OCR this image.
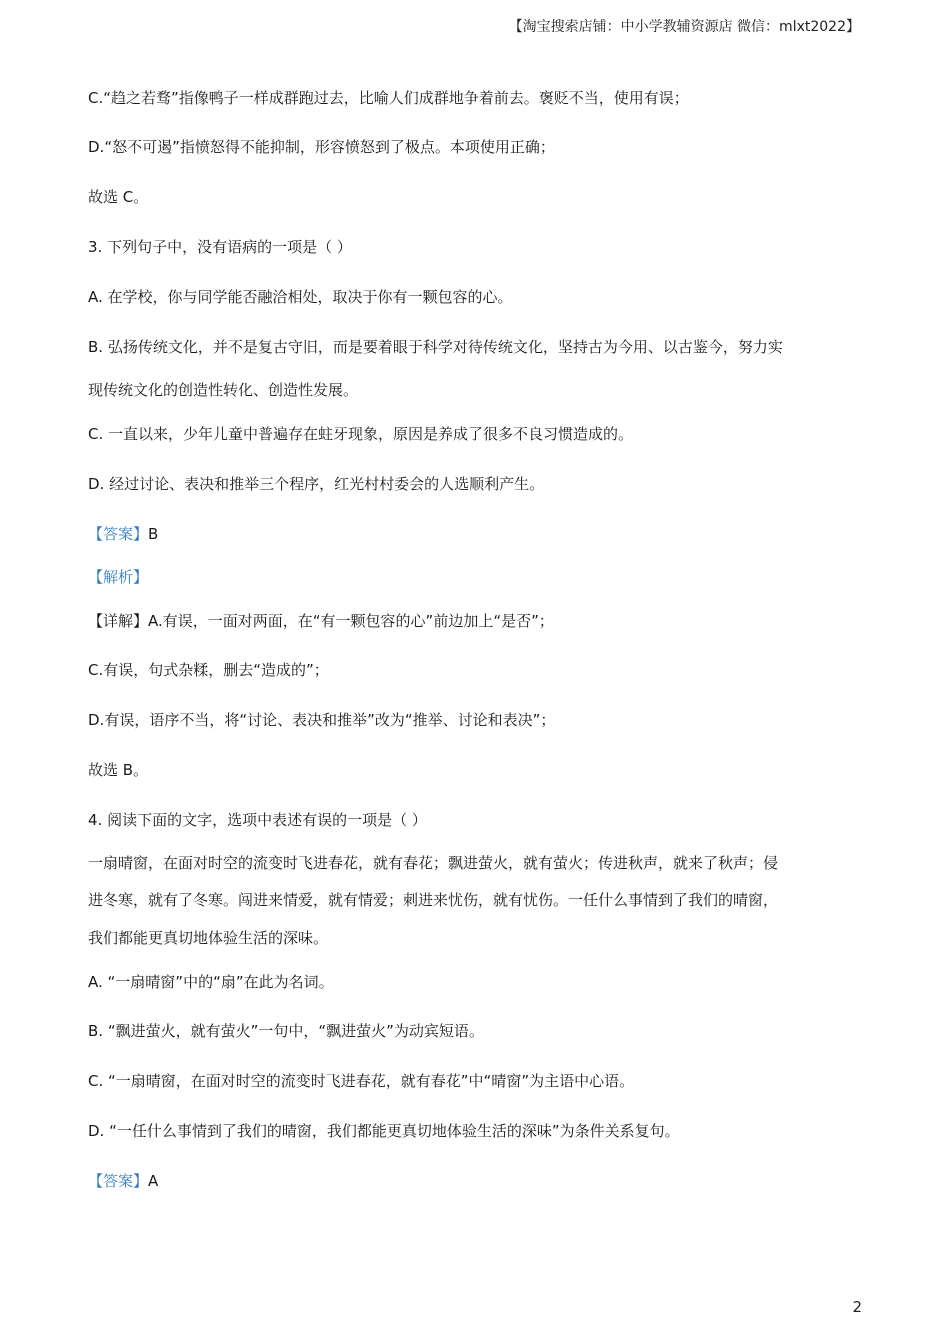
【淘宝搜索店铺：中小学教辅资源店 微信：mlxt2022】
C.“趋之若骛”指像鸭子一样成群跑过去，比喻人们成群地争着前去。褒贬不当，使用有误；
D.“怒不可遏”指愤怒得不能抑制，形容愤怒到了极点。本项使用正确；
故选 C。
3. 下列句子中，没有语病的一项是（ ）
A. 在学校，你与同学能否融洽相处，取决于你有一颗包容的心。
B. 弘扬传统文化，并不是复古守旧，而是要着眼于科学对待传统文化，坚持古为今用、以古鉴今，努力实
现传统文化的创造性转化、创造性发展。
C. 一直以来，少年儿童中普遍存在蛀牙现象，原因是养成了很多不良习惯造成的。
D. 经过讨论、表决和推举三个程序，红光村村委会的人选顺利产生。
【答案】B
【解析】
【详解】A.有误，一面对两面，在“有一颗包容的心”前边加上“是否”；
C.有误，句式杂糅，删去“造成的”；
D.有误，语序不当，将“讨论、表决和推举”改为“推举、讨论和表决”；
故选 B。
4. 阅读下面的文字，选项中表述有误的一项是（ ）
一扇晴窗，在面对时空的流变时飞进春花，就有春花；飘进萤火，就有萤火；传进秋声，就来了秋声；侵
进冬寒，就有了冬寒。闯进来情爱，就有情爱；刺进来忧伤，就有忧伤。一任什么事情到了我们的晴窗，
我们都能更真切地体验生活的深味。
A. “一扇晴窗”中的“扇”在此为名词。
B. “飘进萤火，就有萤火”一句中，“飘进萤火”为动宾短语。
C. “一扇晴窗，在面对时空的流变时飞进春花，就有春花”中“晴窗”为主语中心语。
D. “一任什么事情到了我们的晴窗，我们都能更真切地体验生活的深味”为条件关系复句。
【答案】A
2
